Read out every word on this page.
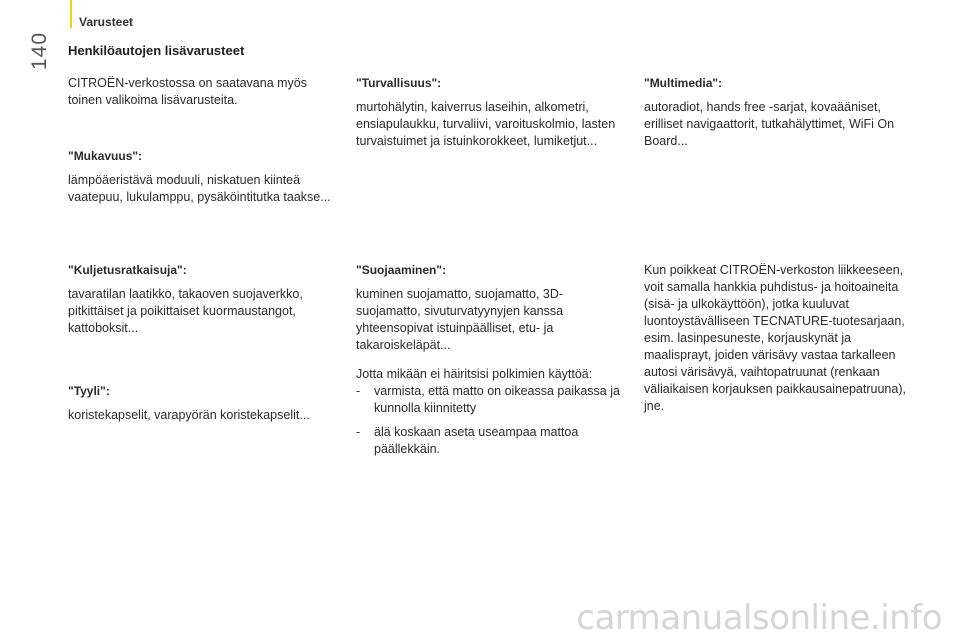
Varusteet
140 Henkilöautojen lisävarusteet

CITROËN-verkostossa on saatavana myös toinen valikoima lisävarusteita.

"Mukavuus":

lämpöäeristävä moduuli, niskatuen kiinteä vaatepuu, lukulamppu, pysäköintitutka taakse...

"Kuljetusratkaisuja":

tavaratilan laatikko, takaoven suojaverkko, pitkittäiset ja poikittaiset kuormaustangot, kattoboksit...

"Tyyli":

koristekapselit, varapyörän koristekapselit...

"Turvallisuus":

murtohälytin, kaiverrus laseihin, alkometri, ensiapulaukku, turvaliivi, varoituskolmio, lasten turvaistuimet ja istuinkorokkeet, lumiketjut...

"Suojaaminen":

kuminen suojamatto, suojamatto, 3D-suojamatto, sivuturvatyynyjen kanssa yhteensopivat istuinpäälliset, etu- ja takaroiskeläpät...

Jotta mikään ei häiritsisi polkimien käyttöä:

- varmista, että matto on oikeassa paikassa ja kunnolla kiinnitetty
- älä koskaan aseta useampaa mattoa päällekkäin.
"Multimedia":

autoradiot, hands free -sarjat, kovaääniset, erilliset navigaattorit, tutkahälyttimet, WiFi On Board...

Kun poikkeat CITROËN-verkoston liikkeeseen, voit samalla hankkia puhdistus- ja hoitoaineita (sisä- ja ulkokäyttöön), jotka kuuluvat luontoystävälliseen TECNATURE-tuotesarjaan, esim. lasinpesuneste, korjauskynät ja maalisprayt, joiden värisävy vastaa tarkalleen autosi värisävyä, vaihtopatruunat (renkaan väliaikaisen korjauksen paikkausainepatruuna), jne.

carmanualsonline.info
